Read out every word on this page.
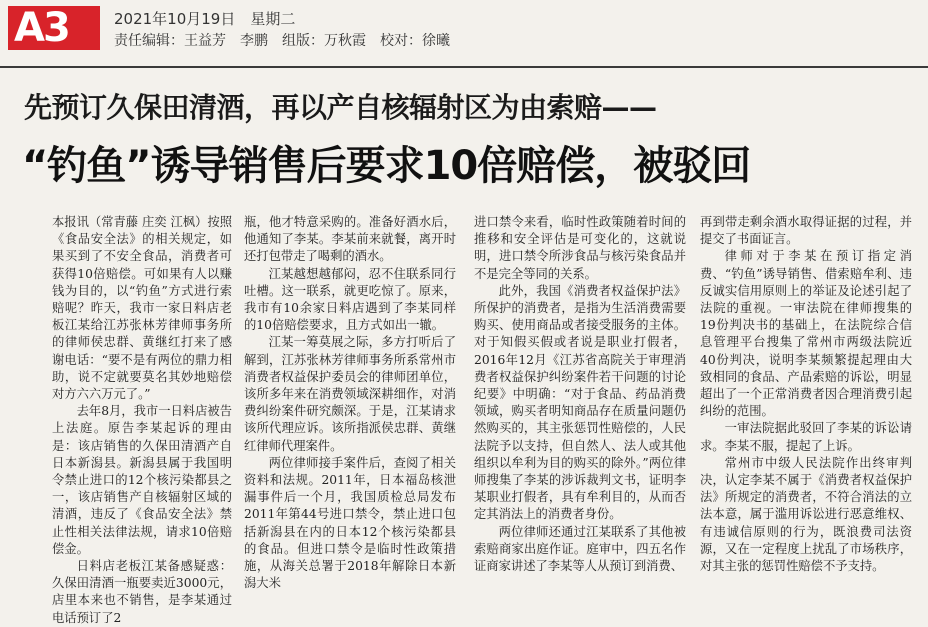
A3	2021年10月19日　星期二
责任编辑：王益芳　李鹏　组版：万秋霞　校对：徐曦
先预订久保田清酒，再以产自核辐射区为由索赔——
“钓鱼”诱导销售后要求10倍赔偿，被驳回

本报讯（常青藤 庄奕 江枫）按照《食品安全法》的相关规定，如果买到了不安全食品，消费者可获得10倍赔偿。可如果有人以赚钱为目的，以“钓鱼”方式进行索赔呢？昨天，我市一家日料店老板江某给江苏张林芳律师事务所的律师侯忠群、黄继红打来了感谢电话：“要不是有两位的鼎力相助，说不定就要莫名其妙地赔偿对方六六万元了。”

去年8月，我市一日料店被告上法庭。原告李某起诉的理由是：该店销售的久保田清酒产自日本新潟县。新潟县属于我国明令禁止进口的12个核污染都县之一，该店销售产自核辐射区域的清酒，违反了《食品安全法》禁止性相关法律法规，请求10倍赔偿金。

日料店老板江某备感疑惑：久保田清酒一瓶要卖近3000元，店里本来也不销售，是李某通过电话预订了2

瓶，他才特意采购的。准备好酒水后，他通知了李某。李某前来就餐，离开时还打包带走了喝剩的酒水。

江某越想越郁闷，忍不住联系同行吐槽。这一联系，就更吃惊了。原来，我市有10余家日料店遇到了李某同样的10倍赔偿要求，且方式如出一辙。

江某一筹莫展之际，多方打听后了解到，江苏张林芳律师事务所系常州市消费者权益保护委员会的律师团单位，该所多年来在消费领域深耕细作，对消费纠纷案件研究颇深。于是，江某请求该所代理应诉。该所指派侯忠群、黄继红律师代理案件。

两位律师接手案件后，查阅了相关资料和法规。2011年，日本福岛核泄漏事件后一个月，我国质检总局发布2011年第44号进口禁令，禁止进口包括新潟县在内的日本12个核污染都县的食品。但进口禁令是临时性政策措施，从海关总署于2018年解除日本新潟大米

进口禁令来看，临时性政策随着时间的推移和安全评估是可变化的，这就说明，进口禁令所涉食品与核污染食品并不是完全等同的关系。

此外，我国《消费者权益保护法》所保护的消费者，是指为生活消费需要购买、使用商品或者接受服务的主体。对于知假买假或者说是职业打假者，2016年12月《江苏省高院关于审理消费者权益保护纠纷案件若干问题的讨论纪要》中明确：“对于食品、药品消费领域，购买者明知商品存在质量问题仍然购买的，其主张惩罚性赔偿的，人民法院予以支持，但自然人、法人或其他组织以牟利为目的购买的除外。”两位律师搜集了李某的涉诉裁判文书，证明李某职业打假者，具有牟利目的，从而否定其消法上的消费者身份。

两位律师还通过江某联系了其他被索赔商家出庭作证。庭审中，四五名作证商家讲述了李某等人从预订到消费、

再到带走剩余酒水取得证据的过程，并提交了书面证言。

律师对于李某在预订指定消费、“钓鱼”诱导销售、借索赔牟利、违反诚实信用原则上的举证及论述引起了法院的重视。一审法院在律师搜集的19份判决书的基础上，在法院综合信息管理平台搜集了常州市两级法院近40份判决，说明李某频繁提起理由大致相同的食品、产品索赔的诉讼，明显超出了一个正常消费者因合理消费引起纠纷的范围。

一审法院据此驳回了李某的诉讼请求。李某不服，提起了上诉。

常州市中级人民法院作出终审判决，认定李某不属于《消费者权益保护法》所规定的消费者，不符合消法的立法本意，属于滥用诉讼进行恶意维权、有违诚信原则的行为，既浪费司法资源，又在一定程度上扰乱了市场秩序，对其主张的惩罚性赔偿不予支持。
